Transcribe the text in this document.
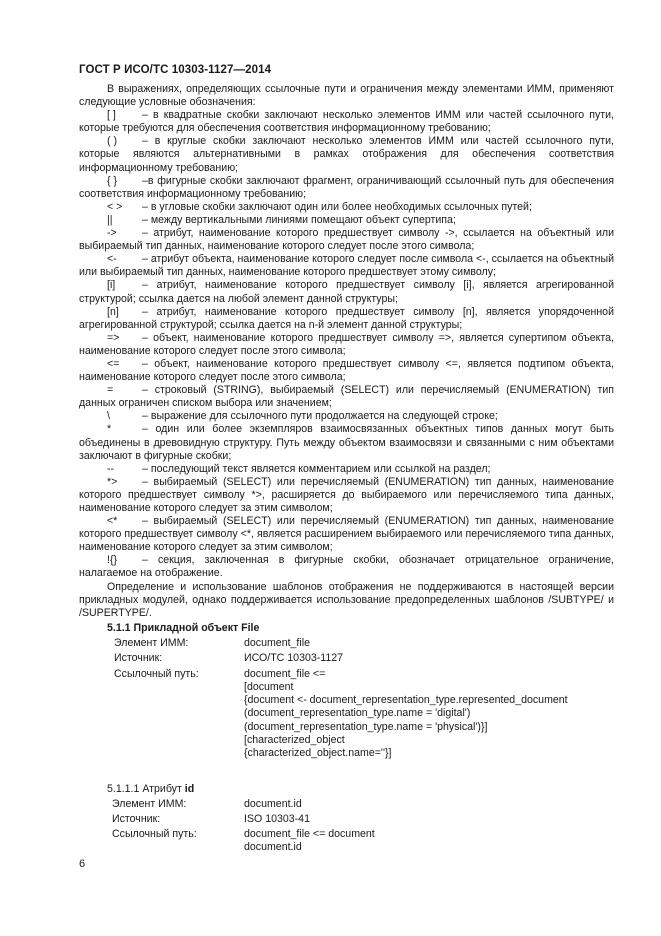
ГОСТ Р ИСО/ТС 10303-1127—2014

В выражениях, определяющих ссылочные пути и ограничения между элементами ИММ, применяют следующие условные обозначения:

[ ] – в квадратные скобки заключают несколько элементов ИММ или частей ссылочного пути, которые требуются для обеспечения соответствия информационному требованию;
( ) – в круглые скобки заключают несколько элементов ИММ или частей ссылочного пути, которые являются альтернативными в рамках отображения для обеспечения соответствия информационному требованию;
{ } –в фигурные скобки заключают фрагмент, ограничивающий ссылочный путь для обеспечения соответствия информационному требованию;
< > – в угловые скобки заключают один или более необходимых ссылочных путей;
||	– между вертикальными линиями помещают объект супертипа;
-> – атрибут, наименование которого предшествует символу ->, ссылается на объектный или выбираемый тип данных, наименование которого следует после этого символа;
<- – атрибут объекта, наименование которого следует после символа <-, ссылается на объектный или выбираемый тип данных, наименование которого предшествует этому символу;
[i]	– атрибут, наименование которого предшествует символу [i], является агрегированной структурой; ссылка дается на любой элемент данной структуры;
[n] – атрибут, наименование которого предшествует символу [n], является упорядоченной агрегированной структурой; ссылка дается на n-й элемент данной структуры;
=> – объект, наименование которого предшествует символу =>, является супертипом объекта, наименование которого следует после этого символа;
<= – объект, наименование которого предшествует символу <=, является подтипом объекта, наименование которого следует после этого символа;
=	– строковый (STRING), выбираемый (SELECT) или перечисляемый (ENUMERATION) тип данных ограничен списком выбора или значением;
\	– выражение для ссылочного пути продолжается на следующей строке;
*	– один или более экземпляров взаимосвязанных объектных типов данных могут быть объединены в древовидную структуру. Путь между объектом взаимосвязи и связанными с ним объектами заключают в фигурные скобки;
--	– последующий текст является комментарием или ссылкой на раздел;
*> – выбираемый (SELECT) или перечисляемый (ENUMERATION) тип данных, наименование которого предшествует символу *>, расширяется до выбираемого или перечисляемого типа данных, наименование которого следует за этим символом;
<* – выбираемый (SELECT) или перечисляемый (ENUMERATION) тип данных, наименование которого предшествует символу <*, является расширением выбираемого или перечисляемого типа данных, наименование которого следует за этим символом;
!{} – секция, заключенная в фигурные скобки, обозначает отрицательное ограничение, налагаемое на отображение.

Определение и использование шаблонов отображения не поддерживаются в настоящей версии прикладных модулей, однако поддерживается использование предопределенных шаблонов /SUBTYPE/ и /SUPERTYPE/.

5.1.1 Прикладной объект File
Элемент ИММ:	document_file
Источник:	ИСО/ТС 10303-1127
Ссылочный путь:	document_file <=
[document
{document <- document_representation_type.represented_document
(document_representation_type.name = 'digital')
(document_representation_type.name = 'physical')}]
[characterized_object
{characterized_object.name=''}]
5.1.1.1 Атрибут id
Элемент ИММ:	document.id
Источник:	ISO 10303-41
Ссылочный путь:	document_file <= document
document.id
6
